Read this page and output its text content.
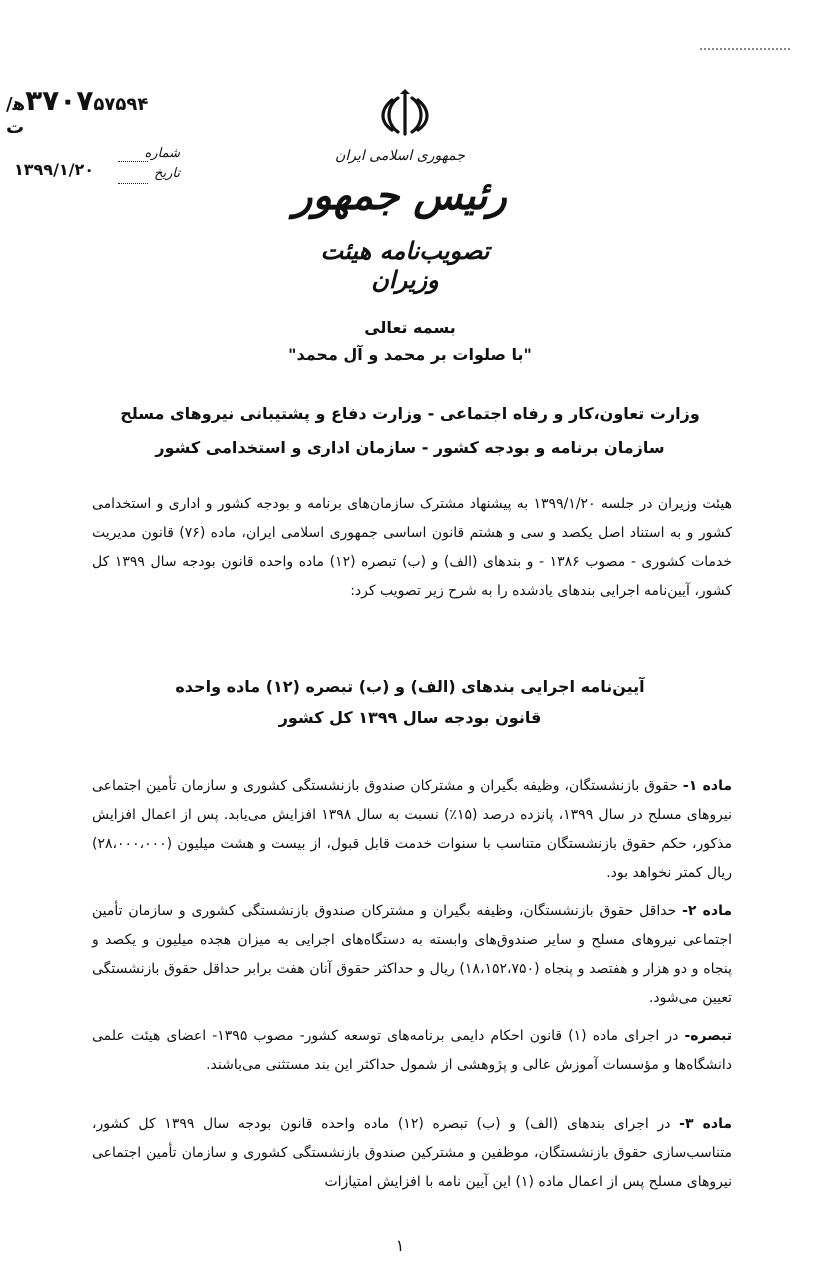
۳۷۰۷۵۷۵۹۴ه‍/ت
شماره
تاریخ
۱۳۹۹/۱/۲۰
جمهوری اسلامی ایران
رئیس جمهور
تصویب‌نامه هیئت وزیران
بسمه تعالی
"با صلوات بر محمد و آل محمد"
وزارت تعاون،کار و رفاه اجتماعی - وزارت دفاع و پشتیبانی نیروهای مسلح
سازمان برنامه و بودجه کشور - سازمان اداری و استخدامی کشور
هیئت وزیران در جلسه ۱۳۹۹/۱/۲۰ به پیشنهاد مشترک سازمان‌های برنامه و بودجه کشور و اداری و استخدامی کشور و به استناد اصل یکصد و سی و هشتم قانون اساسی جمهوری اسلامی ایران، ماده (۷۶) قانون مدیریت خدمات کشوری - مصوب ۱۳۸۶ - و بندهای (الف) و (ب) تبصره (۱۲) ماده واحده قانون بودجه سال ۱۳۹۹ کل کشور، آیین‌نامه اجرایی بندهای یادشده را به شرح زیر تصویب کرد:
آیین‌نامه اجرایی بندهای (الف) و (ب) تبصره (۱۲) ماده واحده
قانون بودجه سال ۱۳۹۹ کل کشور
ماده ۱- حقوق بازنشستگان، وظیفه بگیران و مشترکان صندوق بازنشستگی کشوری و سازمان تأمین اجتماعی نیروهای مسلح در سال ۱۳۹۹، پانزده درصد (۱۵٪) نسبت به سال ۱۳۹۸ افزایش می‌یابد. پس از اعمال افزایش مذکور، حکم حقوق بازنشستگان متناسب با سنوات خدمت قابل قبول، از بیست و هشت میلیون (۲۸،۰۰۰،۰۰۰) ریال کمتر نخواهد بود.
ماده ۲- حداقل حقوق بازنشستگان، وظیفه بگیران و مشترکان صندوق بازنشستگی کشوری و سازمان تأمین اجتماعی نیروهای مسلح و سایر صندوق‌های وابسته به دستگاه‌های اجرایی به میزان هجده میلیون و یکصد و پنجاه و دو هزار و هفتصد و پنجاه (۱۸،۱۵۲،۷۵۰) ریال و حداکثر حقوق آنان هفت برابر حداقل حقوق بازنشستگی تعیین می‌شود.
تبصره- در اجرای ماده (۱) قانون احکام دایمی برنامه‌های توسعه کشور- مصوب ۱۳۹۵- اعضای هیئت علمی دانشگاه‌ها و مؤسسات آموزش عالی و پژوهشی از شمول حداکثر این بند مستثنی می‌باشند.
ماده ۳- در اجرای بندهای (الف) و (ب) تبصره (۱۲) ماده واحده قانون بودجه سال ۱۳۹۹ کل کشور، متناسب‌سازی حقوق بازنشستگان، موظفین و مشترکین صندوق بازنشستگی کشوری و سازمان تأمین اجتماعی نیروهای مسلح پس از اعمال ماده (۱) این آیین نامه با افزایش امتیازات
۱
